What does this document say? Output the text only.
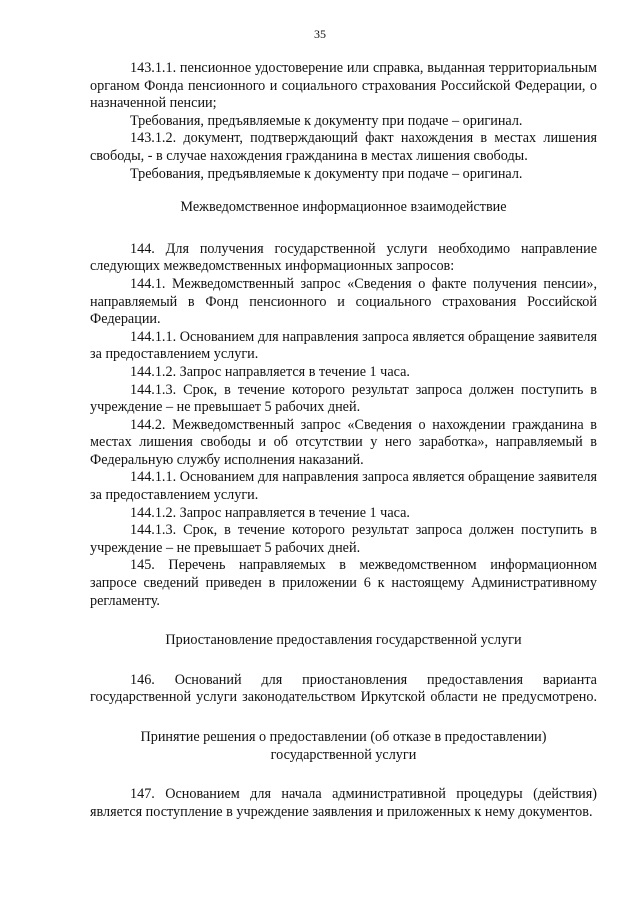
35

143.1.1. пенсионное удостоверение или справка, выданная территориальным органом Фонда пенсионного и социального страхования Российской Федерации, о назначенной пенсии;

Требования, предъявляемые к документу при подаче – оригинал.

143.1.2. документ, подтверждающий факт нахождения в местах лишения свободы, - в случае нахождения гражданина в местах лишения свободы.

Требования, предъявляемые к документу при подаче – оригинал.

Межведомственное информационное взаимодействие

144. Для получения государственной услуги необходимо направление следующих межведомственных информационных запросов:

144.1. Межведомственный запрос «Сведения о факте получения пенсии», направляемый в Фонд пенсионного и социального страхования Российской Федерации.

144.1.1. Основанием для направления запроса является обращение заявителя за предоставлением услуги.

144.1.2. Запрос направляется в течение 1 часа.

144.1.3. Срок, в течение которого результат запроса должен поступить в учреждение – не превышает 5 рабочих дней.

144.2. Межведомственный запрос «Сведения о нахождении гражданина в местах лишения свободы и об отсутствии у него заработка», направляемый в Федеральную службу исполнения наказаний.

144.1.1. Основанием для направления запроса является обращение заявителя за предоставлением услуги.

144.1.2. Запрос направляется в течение 1 часа.

144.1.3. Срок, в течение которого результат запроса должен поступить в учреждение – не превышает 5 рабочих дней.

145. Перечень направляемых в межведомственном информационном запросе сведений приведен в приложении 6 к настоящему Административному регламенту.

Приостановление предоставления государственной услуги

146. Оснований для приостановления предоставления варианта государственной услуги законодательством Иркутской области не предусмотрено.

Принятие решения о предоставлении (об отказе в предоставлении) государственной услуги

147. Основанием для начала административной процедуры (действия) является поступление в учреждение заявления и приложенных к нему документов.
